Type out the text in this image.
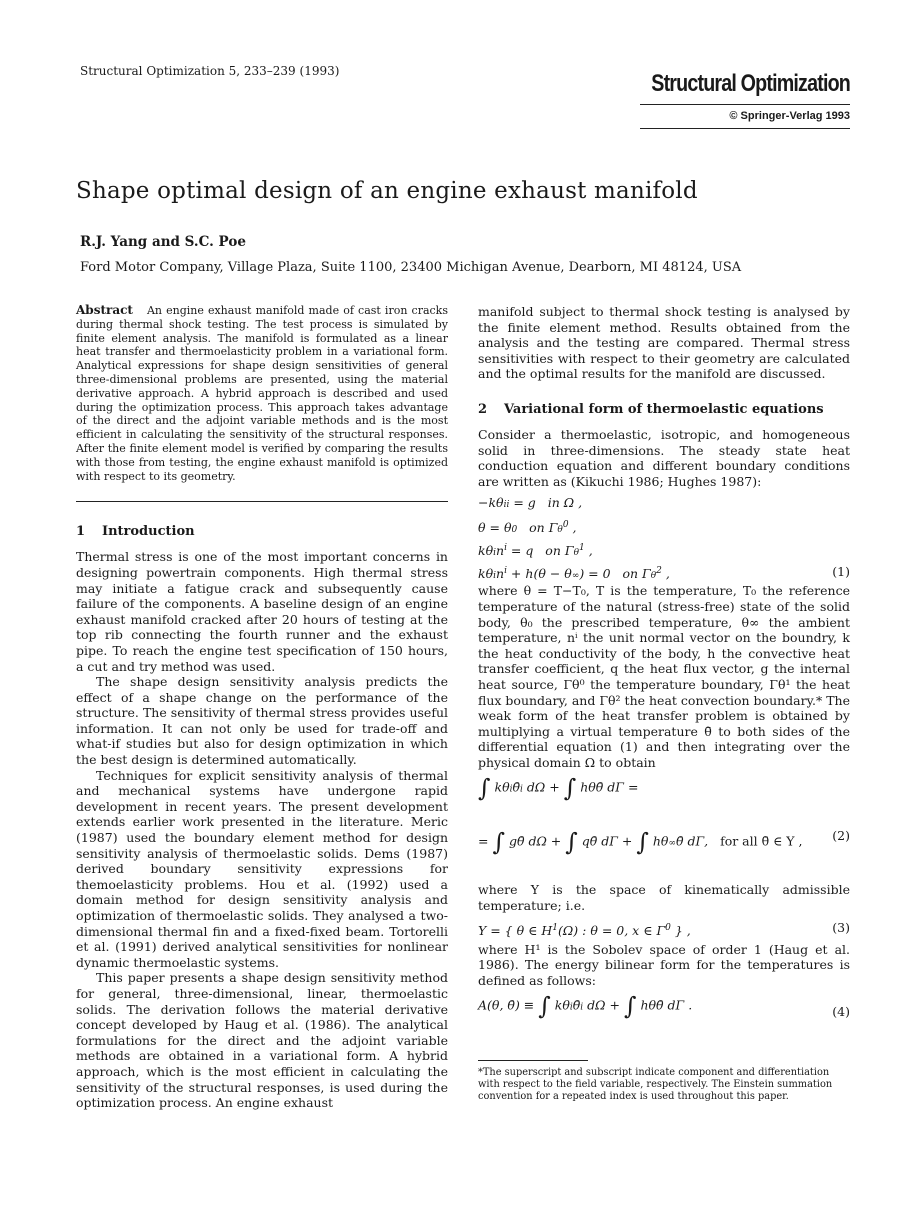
Structural Optimization 5, 233–239 (1993)	Structural Optimization
© Springer-Verlag 1993
Shape optimal design of an engine exhaust manifold
R.J. Yang and S.C. Poe
Ford Motor Company, Village Plaza, Suite 1100, 23400 Michigan Avenue, Dearborn, MI 48124, USA

Abstract An engine exhaust manifold made of cast iron cracks during thermal shock testing. The test process is simulated by finite element analysis. The manifold is formulated as a linear heat transfer and thermoelasticity problem in a variational form. Analytical expressions for shape design sensitivities of general three-dimensional problems are presented, using the material derivative approach. A hybrid approach is described and used during the optimization process. This approach takes advantage of the direct and the adjoint variable methods and is the most efficient in calculating the sensitivity of the structural responses. After the finite element model is verified by comparing the results with those from testing, the engine exhaust manifold is optimized with respect to its geometry.

1 Introduction

Thermal stress is one of the most important concerns in designing powertrain components. High thermal stress may initiate a fatigue crack and subsequently cause failure of the components. A baseline design of an engine exhaust manifold cracked after 20 hours of testing at the top rib connecting the fourth runner and the exhaust pipe. To reach the engine test specification of 150 hours, a cut and try method was used.

The shape design sensitivity analysis predicts the effect of a shape change on the performance of the structure. The sensitivity of thermal stress provides useful information. It can not only be used for trade-off and what-if studies but also for design optimization in which the best design is determined automatically.

Techniques for explicit sensitivity analysis of thermal and mechanical systems have undergone rapid development in recent years. The present development extends earlier work presented in the literature. Meric (1987) used the boundary element method for design sensitivity analysis of thermoelastic solids. Dems (1987) derived boundary sensitivity expressions for themoelasticity problems. Hou et al. (1992) used a domain method for design sensitivity analysis and optimization of thermoelastic solids. They analysed a two-dimensional thermal fin and a fixed-fixed beam. Tortorelli et al. (1991) derived analytical sensitivities for nonlinear dynamic thermoelastic systems.

This paper presents a shape design sensitivity method for general, three-dimensional, linear, thermoelastic solids. The derivation follows the material derivative concept developed by Haug et al. (1986). The analytical formulations for the direct and the adjoint variable methods are obtained in a variational form. A hybrid approach, which is the most efficient in calculating the sensitivity of the structural responses, is used during the optimization process. An engine exhaust

manifold subject to thermal shock testing is analysed by the finite element method. Results obtained from the analysis and the testing are compared. Thermal stress sensitivities with respect to their geometry are calculated and the optimal results for the manifold are discussed.

2 Variational form of thermoelastic equations

Consider a thermoelastic, isotropic, and homogeneous solid in three-dimensions. The steady state heat conduction equation and different boundary conditions are written as (Kikuchi 1986; Hughes 1987):

−kθii = g   in Ω ,
θ = θ0   on $\Gamma\theta^0$ ,
kθin$^i$ = q   on $\Gamma\theta^1$ ,
kθin$^i$ + h(θ − θ∞) = 0   on $\Gamma\theta^2$ ,	(1)

where θ = T−T₀, T is the temperature, T₀ the reference temperature of the natural (stress-free) state of the solid body, θ₀ the prescribed temperature, θ∞ the ambient temperature, nⁱ the unit normal vector on the boundry, k the heat conductivity of the body, h the convective heat transfer coefficient, q the heat flux vector, g the internal heat source, Γθ⁰ the temperature boundary, Γθ¹ the heat flux boundary, and Γθ² the heat convection boundary.* The weak form of the heat transfer problem is obtained by multiplying a virtual temperature θ̄ to both sides of the differential equation (1) and then integrating over the physical domain Ω to obtain

∫ kθiθ̄i dΩ + ∫ hθθ̄ dΓ =
= ∫ gθ̄ dΩ + ∫ qθ̄ dΓ + ∫ hθ∞θ̄ dΓ,   for all θ̄ ∈ Y , (2)

where Y is the space of kinematically admissible temperature; i.e.

Y = { θ ∈ $H^1(\Omega)$ : θ = 0, x ∈ $\Gamma^0$ } ,	(3)

where H¹ is the Sobolev space of order 1 (Haug et al. 1986). The energy bilinear form for the temperatures is defined as follows:

A(θ, θ̄) ≡ ∫ kθiθ̄i dΩ + ∫ hθθ̄ dΓ .	(4)
*The superscript and subscript indicate component and differentiation with respect to the field variable, respectively. The Einstein summation convention for a repeated index is used throughout this paper.
